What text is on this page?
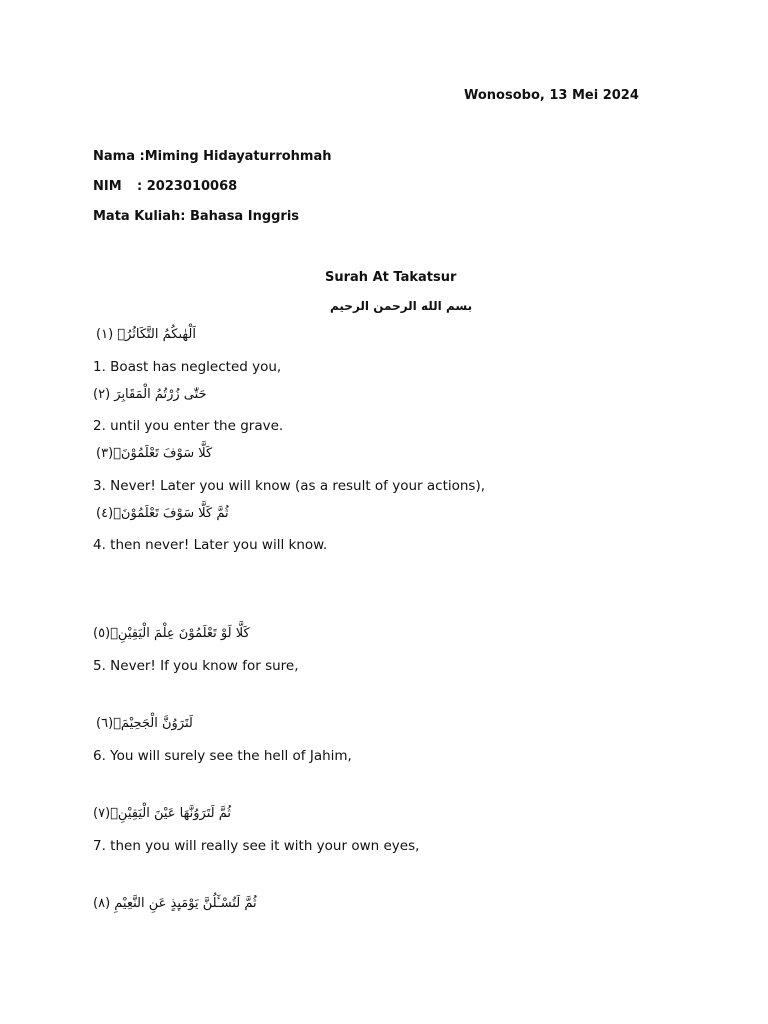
Wonosobo, 13 Mei 2024
Nama :Miming Hidayaturrohmah
NIM : 2023010068
Mata Kuliah: Bahasa Inggris
Surah At Takatsur
بسم الله الرحمن الرحيم
اَلْهٰىكُمُ التَّكَاثُرُۙ (١)
1. Boast has neglected you,
حَتّٰى زُرْتُمُ الْمَقَابِرَ (٢)
2. until you enter the grave.
كَلَّا سَوْفَ تَعْلَمُوْنَۙ(٣)
3. Never! Later you will know (as a result of your actions),
ثُمَّ كَلَّا سَوْفَ تَعْلَمُوْنَۗ(٤)
4. then never! Later you will know.
كَلَّا لَوْ تَعْلَمُوْنَ عِلْمَ الْيَقِيْنِۗ(٥)
5. Never! If you know for sure,
لَتَرَوُنَّ الْجَحِيْمَۙ(٦)
6. You will surely see the hell of Jahim,
ثُمَّ لَتَرَوُنَّهَا عَيْنَ الْيَقِيْنِۙ(٧)
7. then you will really see it with your own eyes,
ثُمَّ لَتُسْـَٔلُنَّ يَوْمَىِٕذٍ عَنِ النَّعِيْمِ (٨)
